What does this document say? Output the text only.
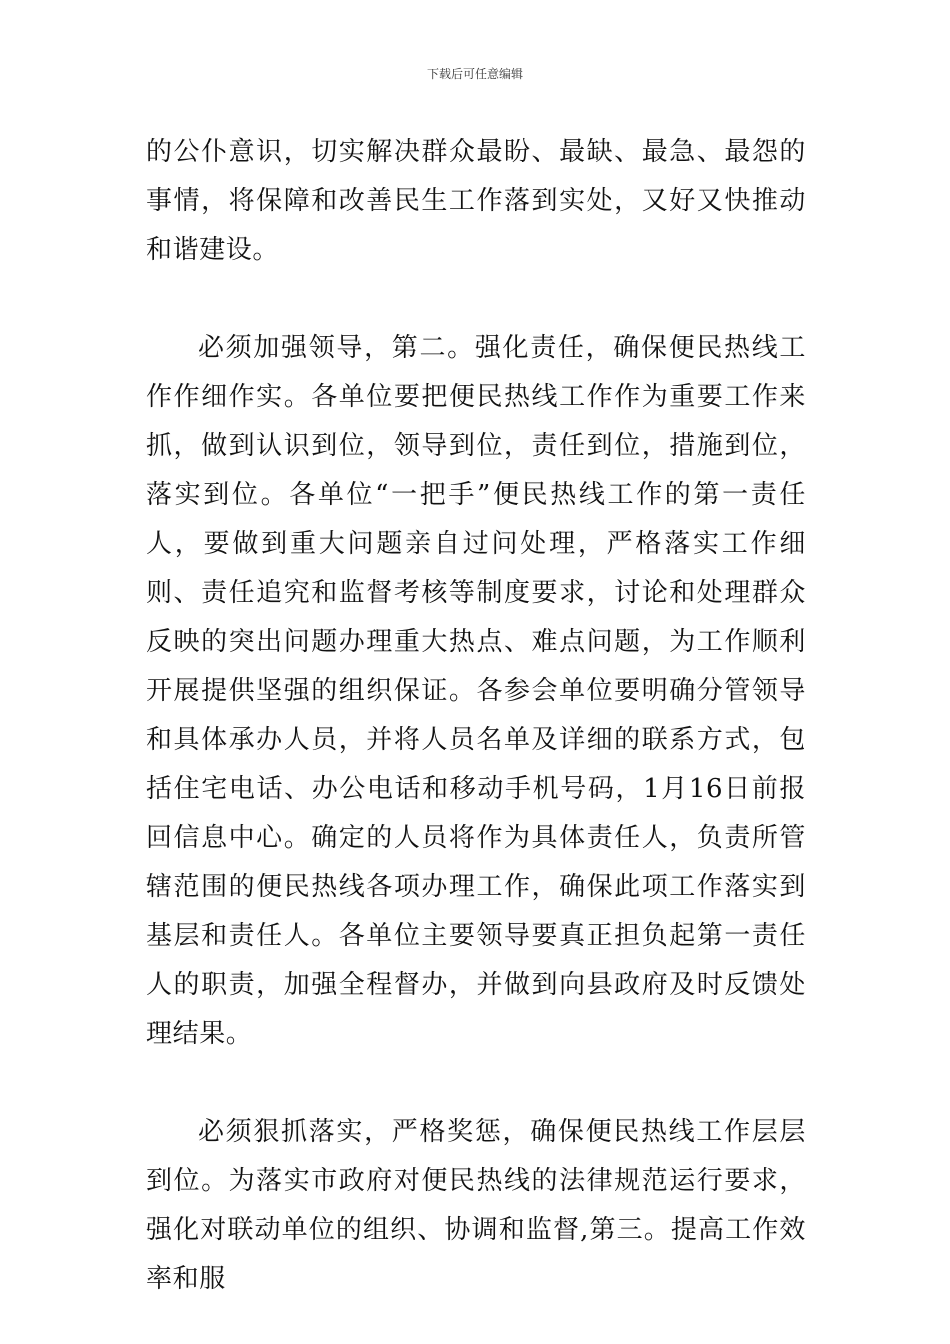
下载后可任意编辑

的公仆意识，切实解决群众最盼、最缺、最急、最怨的事情，将保障和改善民生工作落到实处，又好又快推动和谐建设。

必须加强领导，第二。强化责任，确保便民热线工作作细作实。各单位要把便民热线工作作为重要工作来抓，做到认识到位，领导到位，责任到位，措施到位，落实到位。各单位“一把手”便民热线工作的第一责任人，要做到重大问题亲自过问处理，严格落实工作细则、责任追究和监督考核等制度要求，讨论和处理群众反映的突出问题办理重大热点、难点问题，为工作顺利开展提供坚强的组织保证。各参会单位要明确分管领导和具体承办人员，并将人员名单及详细的联系方式，包括住宅电话、办公电话和移动手机号码，1月16日前报回信息中心。确定的人员将作为具体责任人，负责所管辖范围的便民热线各项办理工作，确保此项工作落实到基层和责任人。各单位主要领导要真正担负起第一责任人的职责，加强全程督办，并做到向县政府及时反馈处理结果。

必须狠抓落实，严格奖惩，确保便民热线工作层层到位。为落实市政府对便民热线的法律规范运行要求，强化对联动单位的组织、协调和监督,第三。提高工作效率和服
